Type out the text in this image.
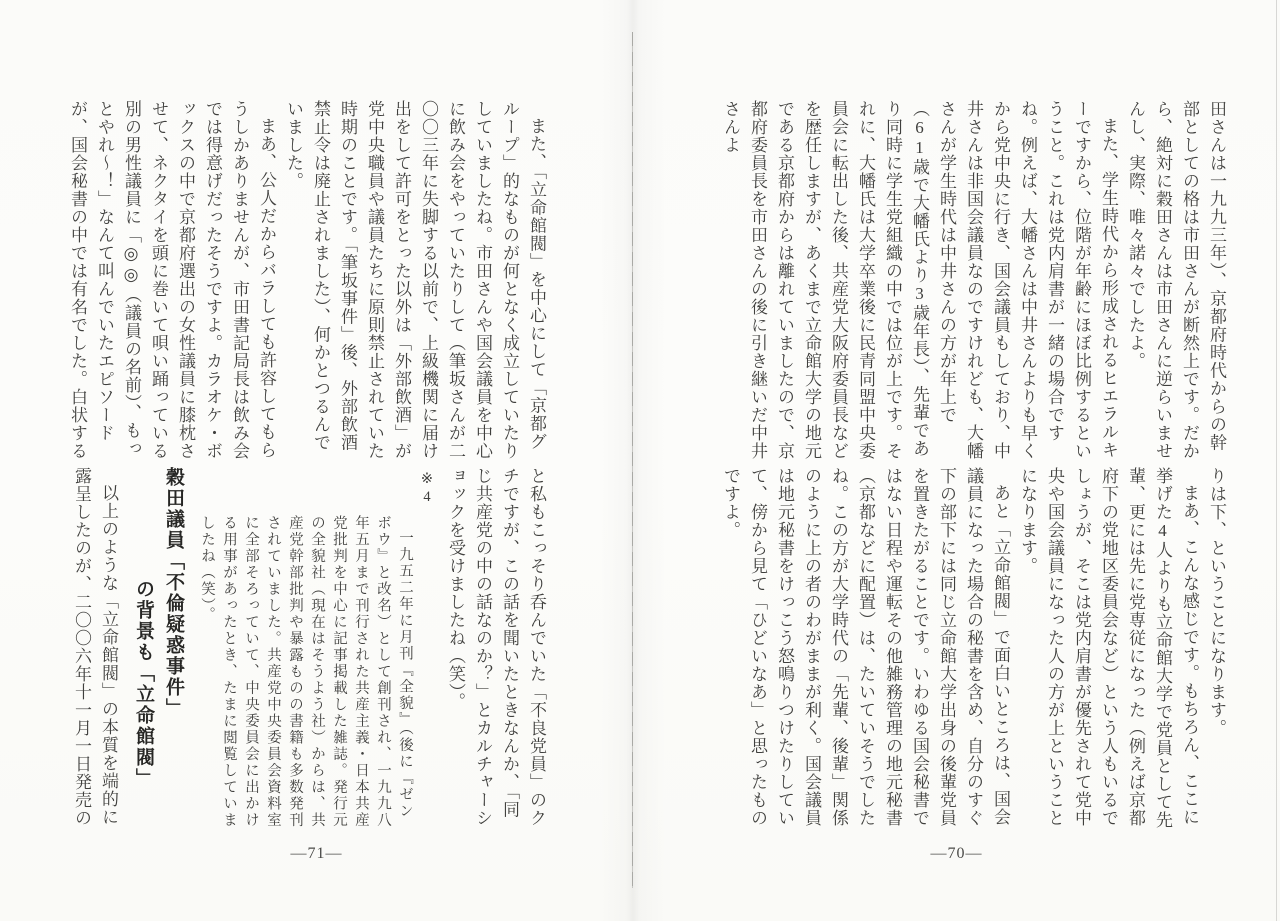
田さんは一九九三年）、京都府時代からの幹部としての格は市田さんが断然上です。だから、絶対に穀田さんは市田さんに逆らいませんし、実際、唯々諾々でしたよ。

また、学生時代から形成されるヒエラルキーですから、位階が年齢にほぼ比例するということ。これは党内肩書が一緒の場合ですね。例えば、大幡さんは中井さんよりも早くから党中央に行き、国会議員もしており、中井さんは非国会議員なのですけれども、大幡さんが学生時代は中井さんの方が年上で（61歳で大幡氏より3歳年長）、先輩であり同時に学生党組織の中では位が上です。それに、大幡氏は大学卒業後に民青同盟中央委員会に転出した後、共産党大阪府委員長などを歴任しますが、あくまで立命館大学の地元である京都府からは離れていましたので、京都府委員長を市田さんの後に引き継いだ中井さんよ

りは下、ということになります。

まあ、こんな感じです。もちろん、ここに挙げた4人よりも立命館大学で党員として先輩、更には先に党専従になった（例えば京都府下の党地区委員会など）という人もいるでしょうが、そこは党内肩書が優先されて党中央や国会議員になった人の方が上ということになります。

あと「立命館閥」で面白いところは、国会議員になった場合の秘書を含め、自分のすぐ下の部下には同じ立命館大学出身の後輩党員を置きたがることです。いわゆる国会秘書ではない日程や運転その他雑務管理の地元秘書（京都などに配置）は、たいていそうでしたね。この方が大学時代の「先輩、後輩」関係のように上の者のわがままが利く。国会議員は地元秘書をけっこう怒鳴りつけたりしていて、傍から見て「ひどいなあ」と思ったものですよ。

―70―

また、「立命館閥」を中心にして「京都グループ」的なものが何となく成立していたりしていましたね。市田さんや国会議員を中心に飲み会をやっていたりして（筆坂さんが二〇〇三年に失脚する以前で、上級機関に届け出をして許可をとった以外は「外部飲酒」が党中央職員や議員たちに原則禁止されていた時期のことです。「筆坂事件」後、外部飲酒禁止令は廃止されました）、何かとつるんでいました。

まあ、公人だからバラしても許容してもらうしかありませんが、市田書記局長は飲み会では得意げだったそうですよ。カラオケ・ボックスの中で京都府選出の女性議員に膝枕させて、ネクタイを頭に巻いて唄い踊っている別の男性議員に「◎◎（議員の名前）、もっとやれ～！」なんて叫んでいたエピソードが、国会秘書の中では有名でした。白状する

と私もこっそり呑んでいた「不良党員」のクチですが、この話を聞いたときなんか、「同じ共産党の中の話なのか？」とカルチャーショックを受けましたね（笑）。

※4

一九五二年に月刊『全貌』（後に『ゼンボウ』と改名）として創刊され、一九九八年五月まで刊行された共産主義・日本共産党批判を中心に記事掲載した雑誌。発行元の全貌社（現在はそうよう社）からは、共産党幹部批判や暴露ものの書籍も多数発刊されていました。共産党中央委員会資料室に全部そろっていて、中央委員会に出かける用事があったとき、たまに閲覧していましたね（笑）。

穀田議員「不倫疑惑事件」

の背景も「立命館閥」

以上のような「立命館閥」の本質を端的に露呈したのが、二〇〇六年十一月一日発売の

―71―
